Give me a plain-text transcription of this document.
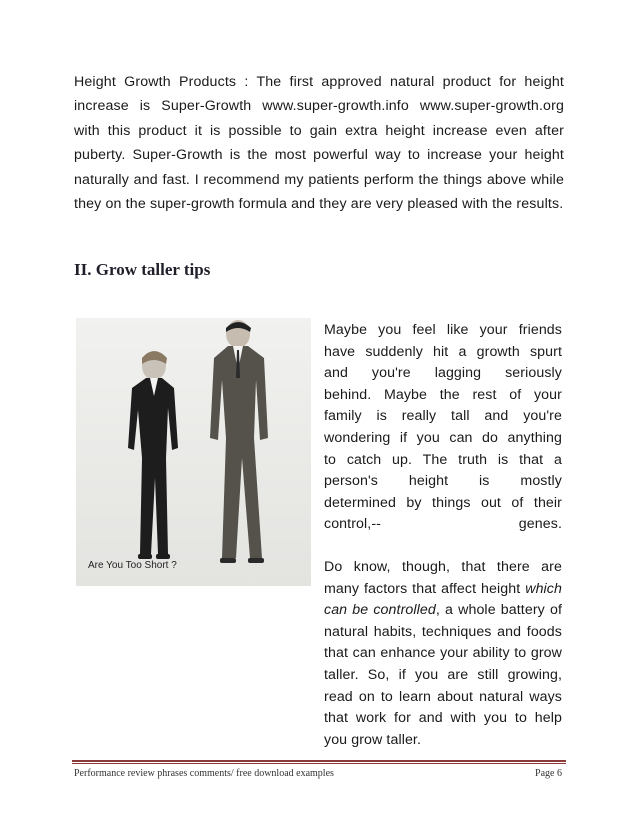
Height Growth Products : The first approved natural product for height increase is Super-Growth www.super-growth.info www.super-growth.org with this product it is possible to gain extra height increase even after puberty. Super-Growth is the most powerful way to increase your height naturally and fast. I recommend my patients perform the things above while they on the super-growth formula and they are very pleased with the results.
II. Grow taller tips
Are You Too Short ?

Maybe you feel like your friends

have suddenly hit a growth spurt

and you're lagging seriously

behind. Maybe the rest of your

family is really tall and you're

wondering if you can do anything

to catch up. The truth is that a

person's height is mostly

determined by things out of their

control,-- genes.

Do know, though, that there are many factors that affect height which can be controlled, a whole battery of natural habits, techniques and foods that can enhance your ability to grow taller. So, if you are still growing, read on to learn about natural ways that work for and with you to help you grow taller.

Performance review phrases comments/ free download examples	Page 6
